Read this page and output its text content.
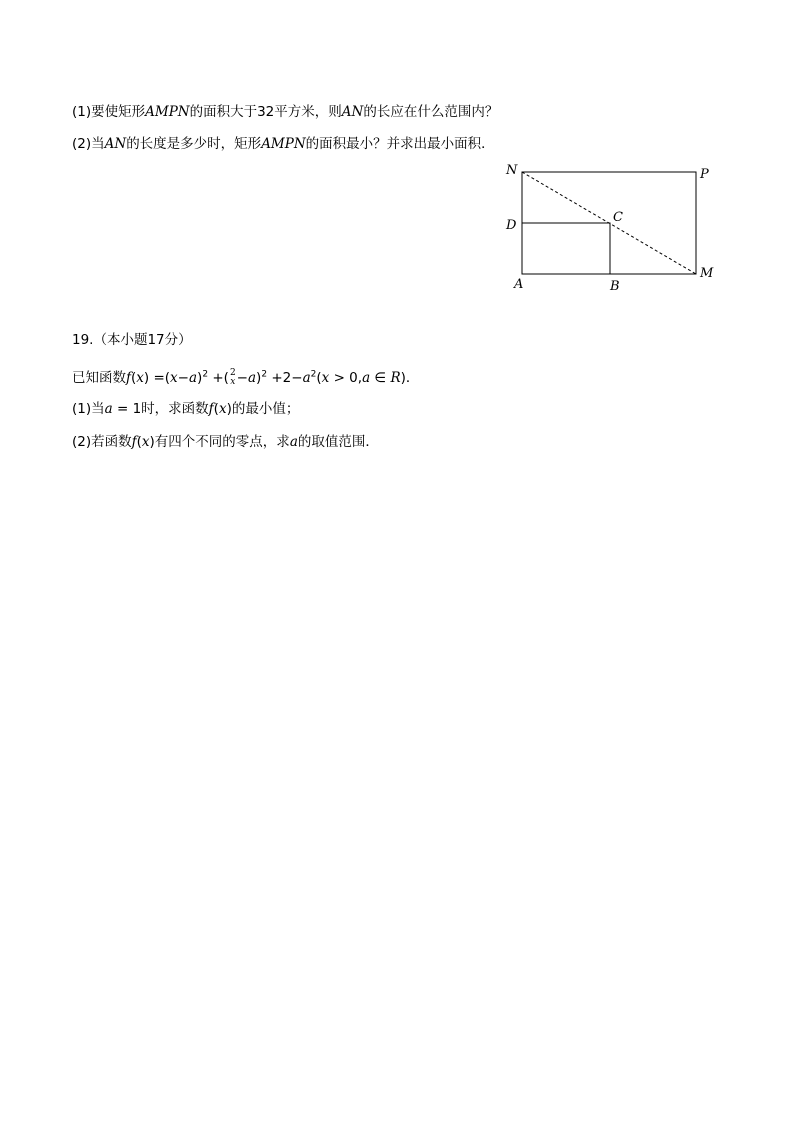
(1)要使矩形AMPN的面积大于32平方米，则AN的长应在什么范围内？
(2)当AN的长度是多少时，矩形AMPN的面积最小？并求出最小面积．
N	P
D
C
A	B
M
19.（本小题17分）
已知函数$f(x) =(x-a)^2$ +( 2
$x -a)^2 +2-a^2(x > 0,a$ ∈ R)．
(1)当a = 1时，求函数f(x)的最小值；
(2)若函数f(x)有四个不同的零点，求a的取值范围．
